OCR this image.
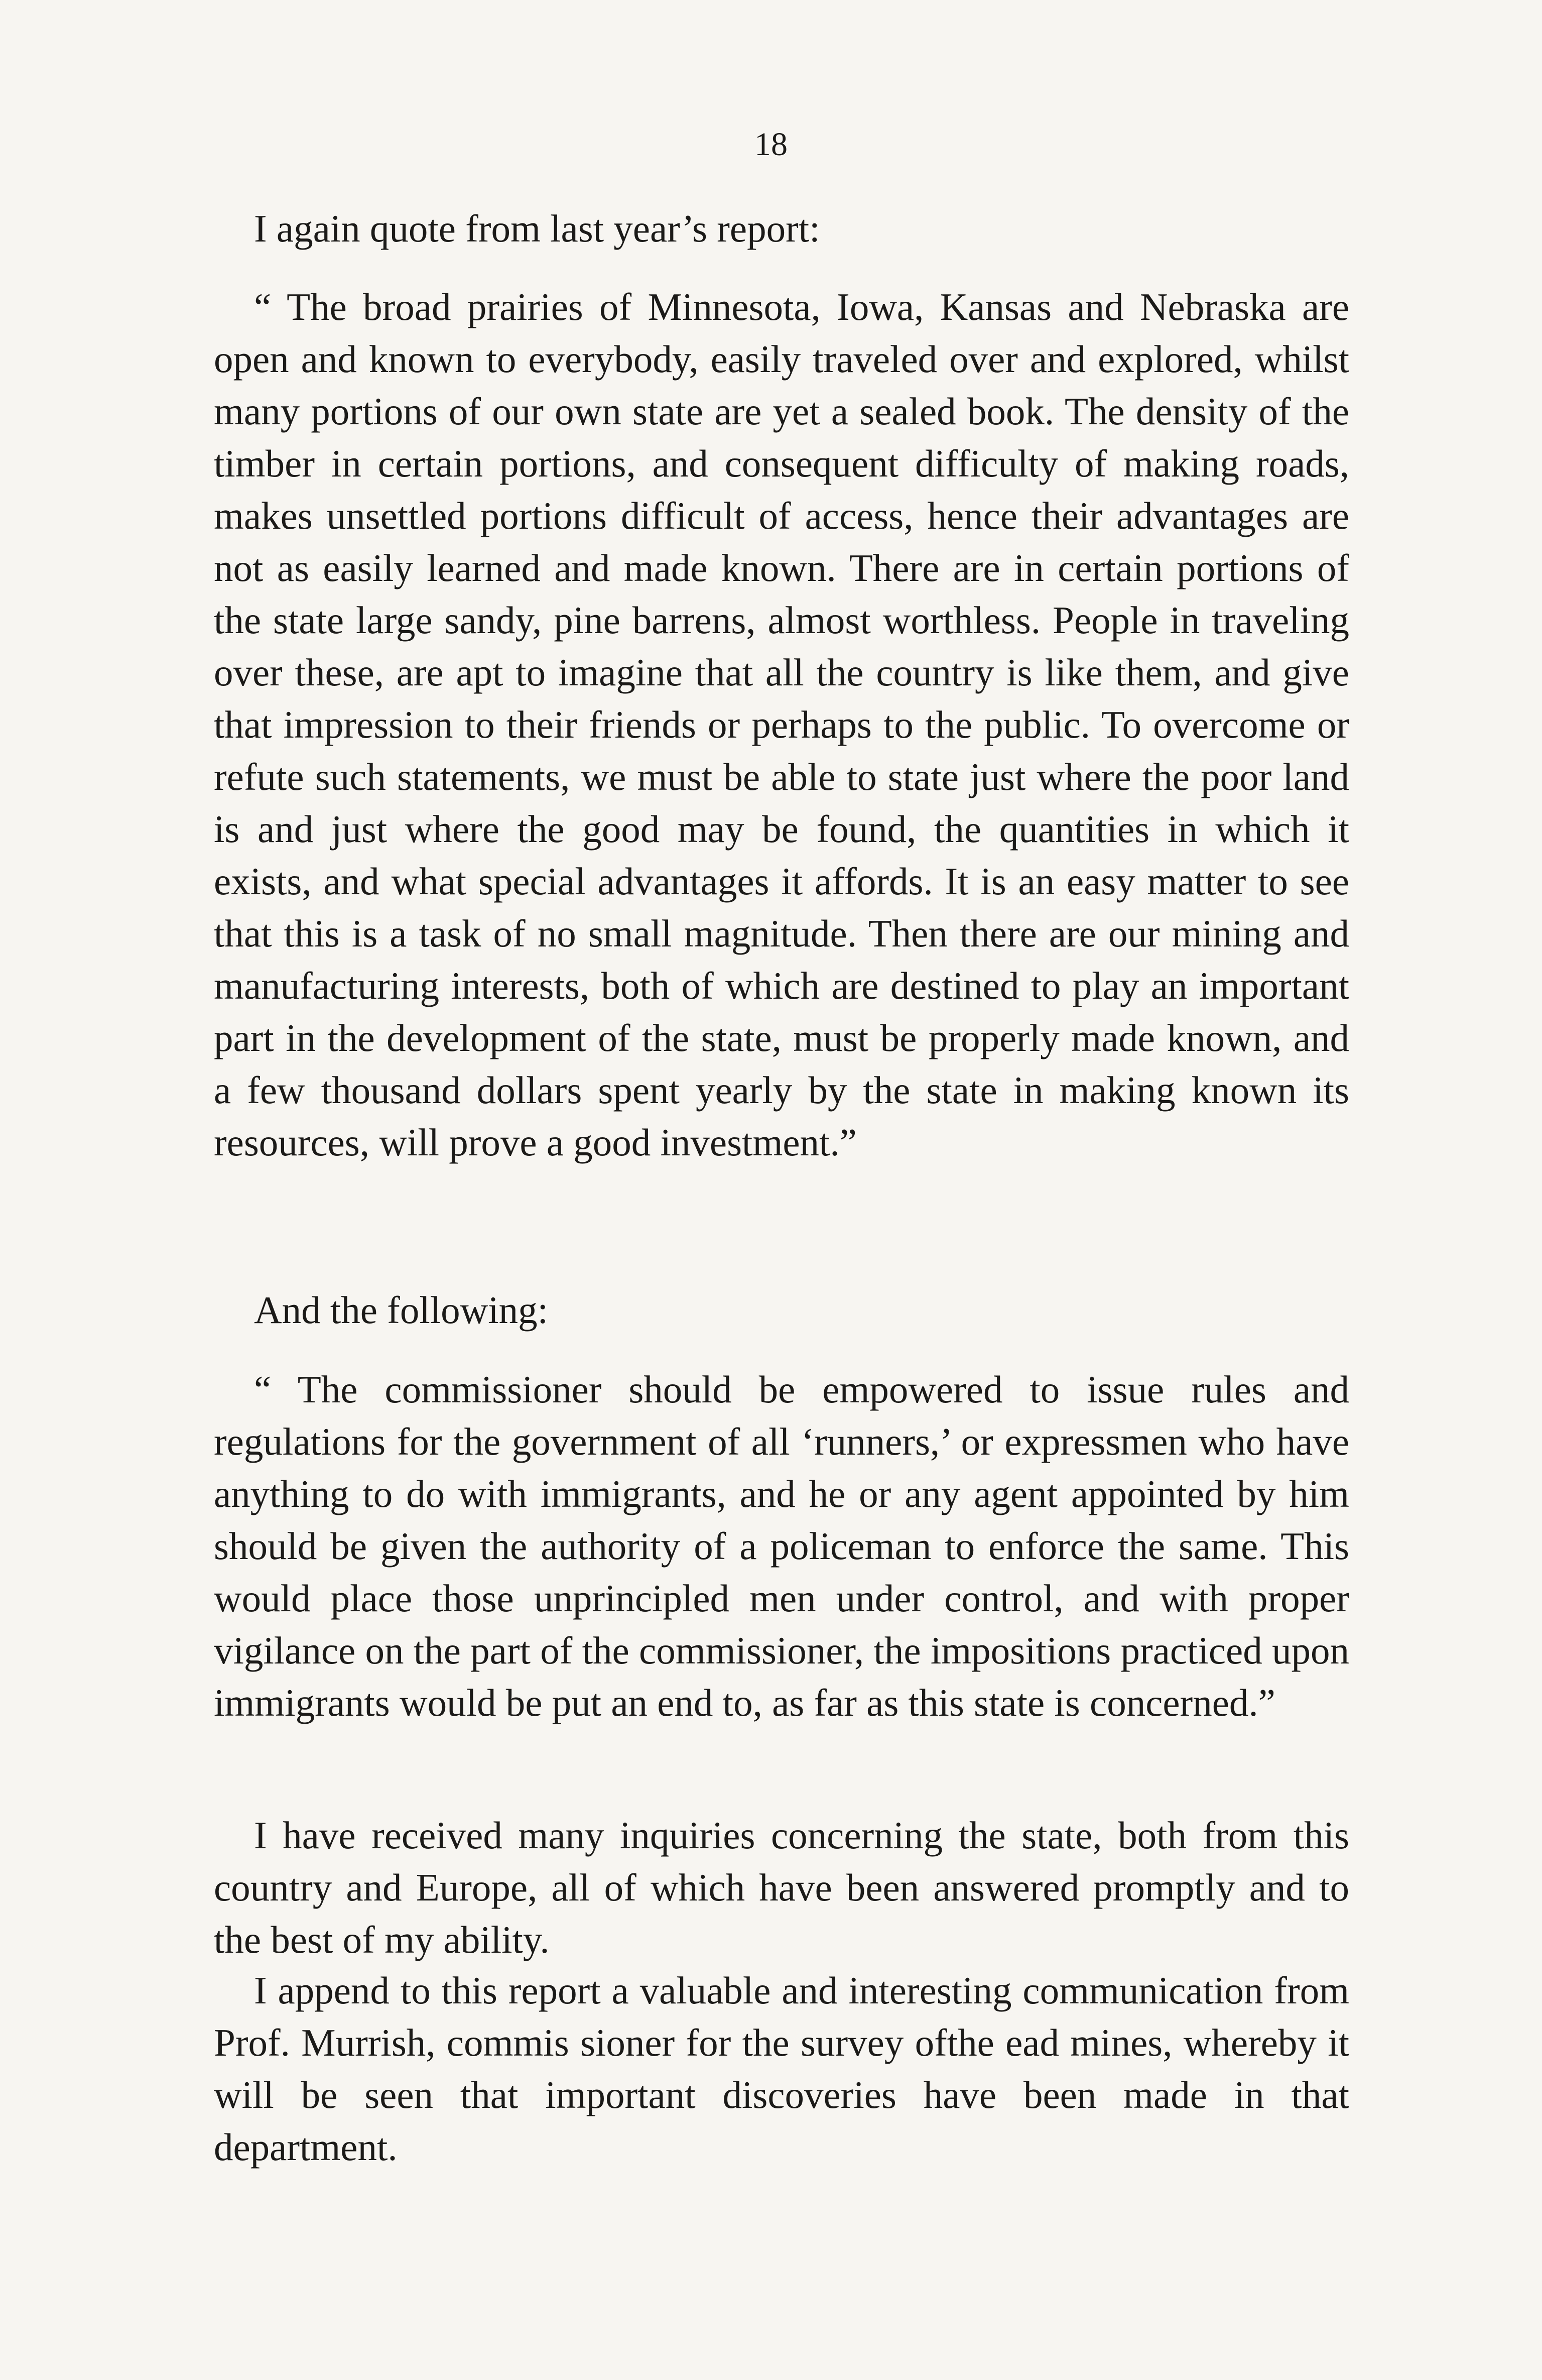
18

I again quote from last year’s report:

“ The broad prairies of Minnesota, Iowa, Kansas and Nebraska are open and known to everybody, easily traveled over and explored, whilst many portions of our own state are yet a sealed book. The density of the timber in certain portions, and consequent difficulty of making roads, makes unsettled portions difficult of access, hence their advantages are not as easily learned and made known. There are in certain portions of the state large sandy, pine barrens, almost worthless. People in traveling over these, are apt to imagine that all the country is like them, and give that impression to their friends or perhaps to the public. To overcome or refute such statements, we must be able to state just where the poor land is and just where the good may be found, the quantities in which it exists, and what special advantages it affords. It is an easy matter to see that this is a task of no small magnitude. Then there are our mining and manufacturing interests, both of which are destined to play an important part in the development of the state, must be properly made known, and a few thousand dollars spent yearly by the state in making known its resources, will prove a good investment.”

And the following:

“ The commissioner should be empowered to issue rules and regulations for the government of all ‘runners,’ or expressmen who have anything to do with immigrants, and he or any agent appointed by him should be given the authority of a policeman to enforce the same. This would place those unprincipled men under control, and with proper vigilance on the part of the commissioner, the impositions practiced upon immigrants would be put an end to, as far as this state is concerned.”

I have received many inquiries concerning the state, both from this country and Europe, all of which have been answered promptly and to the best of my ability.

I append to this report a valuable and interesting communication from Prof. Murrish, commis sioner for the survey ofthe ead mines, whereby it will be seen that important discoveries have been made in that department.
